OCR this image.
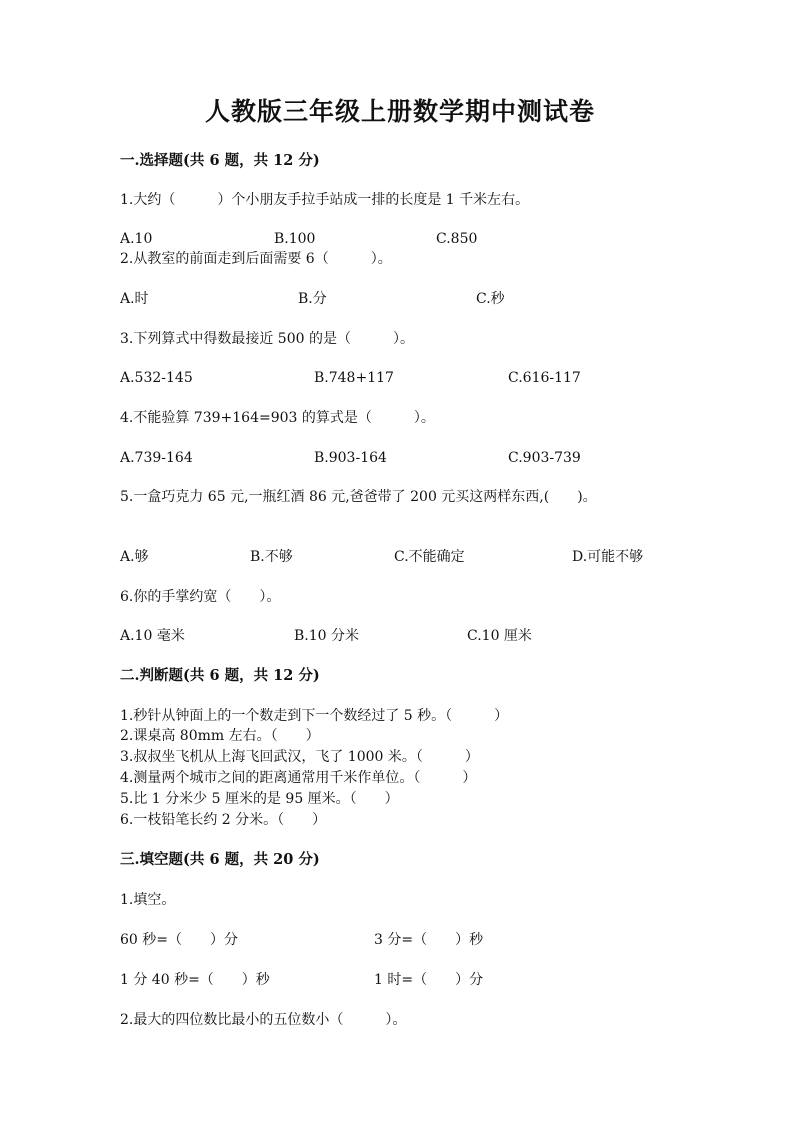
人教版三年级上册数学期中测试卷
一.选择题(共 6 题，共 12 分)
1.大约（　　　）个小朋友手拉手站成一排的长度是 1 千米左右。
A.10	B.100	C.850
2.从教室的前面走到后面需要 6（　　　）。
A.时	B.分	C.秒
3.下列算式中得数最接近 500 的是（　　　）。
A.532-145	B.748+117	C.616-117
4.不能验算 739+164=903 的算式是（　　　）。
A.739-164	B.903-164	C.903-739
5.一盒巧克力 65 元,一瓶红酒 86 元,爸爸带了 200 元买这两样东西,(　　)。
A.够	B.不够	C.不能确定	D.可能不够
6.你的手掌约宽（　　）。
A.10 毫米	B.10 分米	C.10 厘米
二.判断题(共 6 题，共 12 分)
1.秒针从钟面上的一个数走到下一个数经过了 5 秒。（　　　）
2.课桌高 80mm 左右。（　　）
3.叔叔坐飞机从上海飞回武汉，飞了 1000 米。（　　　）
4.测量两个城市之间的距离通常用千米作单位。（　　　）
5.比 1 分米少 5 厘米的是 95 厘米。（　　）
6.一枝铅笔长约 2 分米。（　　）
三.填空题(共 6 题，共 20 分)
1.填空。
60 秒=（　　）分	3 分=（　　）秒
1 分 40 秒=（　　）秒	1 时=（　　）分
2.最大的四位数比最小的五位数小（　　　）。
